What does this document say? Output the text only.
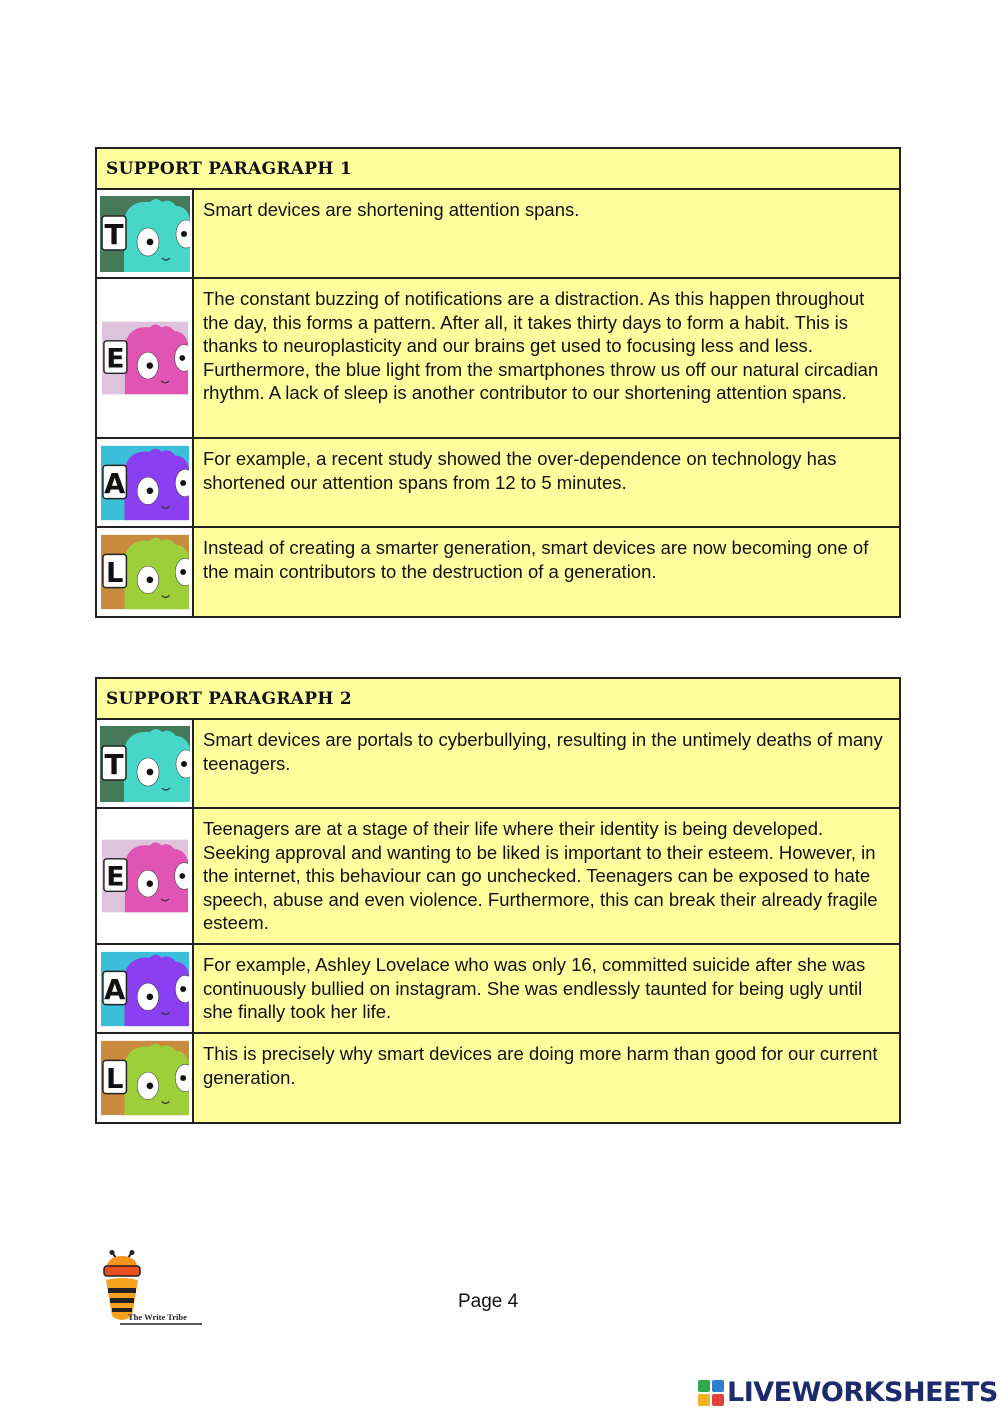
SUPPORT PARAGRAPH 1
T
Smart devices are shortening attention spans.
E
The constant buzzing of notifications are a distraction. As this happen throughout the day, this forms a pattern. After all, it takes thirty days to form a habit. This is thanks to neuroplasticity and our brains get used to focusing less and less. Furthermore, the blue light from the smartphones throw us off our natural circadian rhythm. A lack of sleep is another contributor to our shortening attention spans.
A
For example, a recent study showed the over-dependence on technology has shortened our attention spans from 12 to 5 minutes.
L
Instead of creating a smarter generation, smart devices are now becoming one of the main contributors to the destruction of a generation.
SUPPORT PARAGRAPH 2
T
Smart devices are portals to cyberbullying, resulting in the untimely deaths of many teenagers.
E
Teenagers are at a stage of their life where their identity is being developed. Seeking approval and wanting to be liked is important to their esteem. However, in the internet, this behaviour can go unchecked. Teenagers can be exposed to hate speech, abuse and even violence. Furthermore, this can break their already fragile esteem.
A
For example, Ashley Lovelace who was only 16, committed suicide after she was continuously bullied on instagram. She was endlessly taunted for being ugly until she finally took her life.
L
This is precisely why smart devices are doing more harm than good for our current generation.
The Write Tribe
Page 4
LIVEWORKSHEETS
